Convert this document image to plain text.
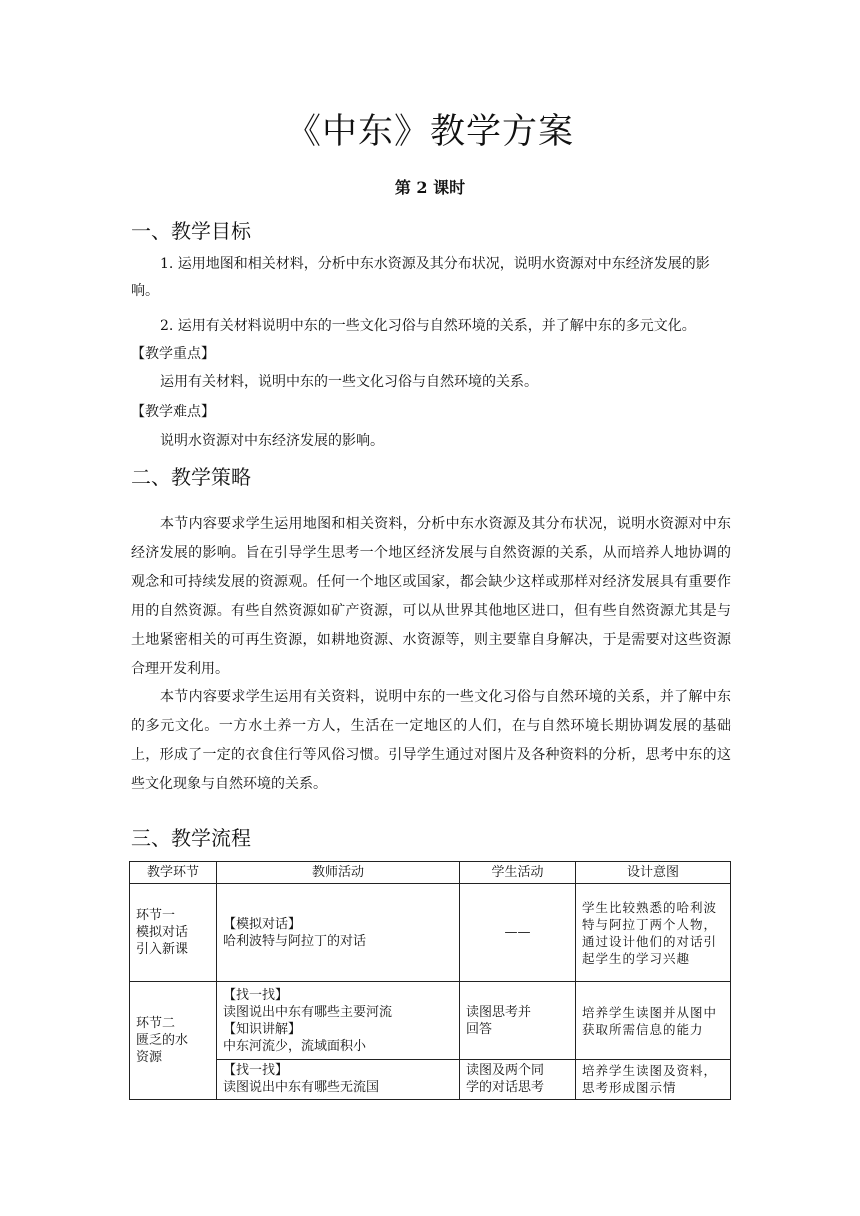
《中东》教学方案
第 2 课时
一、教学目标
1. 运用地图和相关材料，分析中东水资源及其分布状况，说明水资源对中东经济发展的影响。
2. 运用有关材料说明中东的一些文化习俗与自然环境的关系，并了解中东的多元文化。
【教学重点】
运用有关材料，说明中东的一些文化习俗与自然环境的关系。
【教学难点】
说明水资源对中东经济发展的影响。
二、教学策略
本节内容要求学生运用地图和相关资料，分析中东水资源及其分布状况，说明水资源对中东经济发展的影响。旨在引导学生思考一个地区经济发展与自然资源的关系，从而培养人地协调的观念和可持续发展的资源观。任何一个地区或国家，都会缺少这样或那样对经济发展具有重要作用的自然资源。有些自然资源如矿产资源，可以从世界其他地区进口，但有些自然资源尤其是与土地紧密相关的可再生资源，如耕地资源、水资源等，则主要靠自身解决，于是需要对这些资源合理开发利用。
本节内容要求学生运用有关资料，说明中东的一些文化习俗与自然环境的关系，并了解中东的多元文化。一方水土养一方人，生活在一定地区的人们，在与自然环境长期协调发展的基础上，形成了一定的衣食住行等风俗习惯。引导学生通过对图片及各种资料的分析，思考中东的这些文化现象与自然环境的关系。
三、教学流程
教学环节	教师活动	学生活动	设计意图
环节一
模拟对话
引入新课	【模拟对话】
哈利波特与阿拉丁的对话	——	学生比较熟悉的哈利波特与阿拉丁两个人物，通过设计他们的对话引起学生的学习兴趣
环节二
匮乏的水
资源	【找一找】
读图说出中东有哪些主要河流
【知识讲解】
中东河流少，流域面积小	读图思考并
回答	培养学生读图并从图中获取所需信息的能力
	【找一找】
读图说出中东有哪些无流国	读图及两个同
学的对话思考	培养学生读图及资料，思考形成图示情
